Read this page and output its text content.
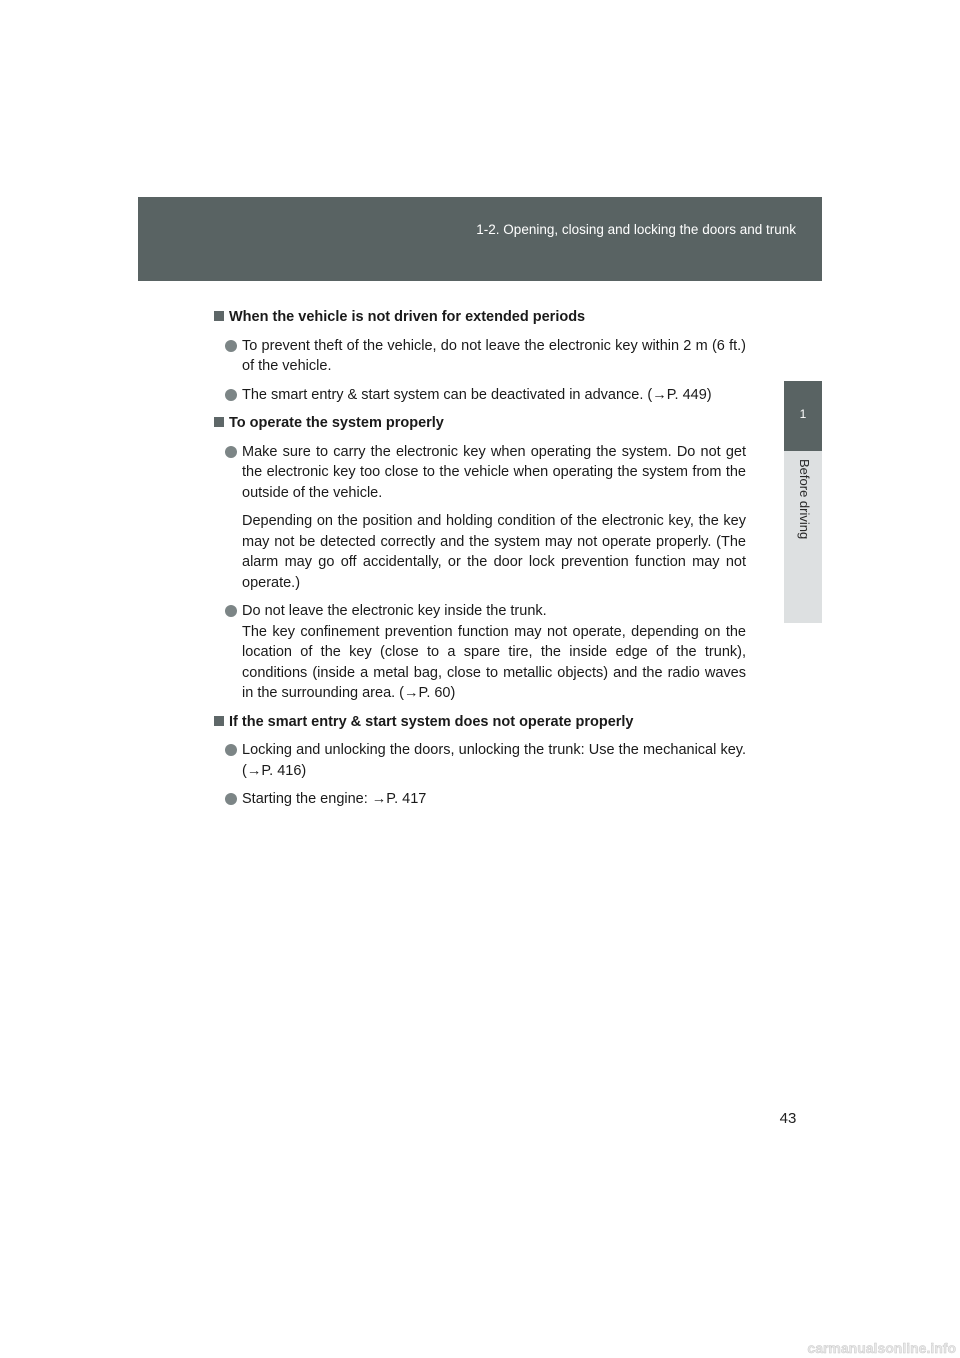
1-2. Opening, closing and locking the doors and trunk
1
Before driving
When the vehicle is not driven for extended periods
To prevent theft of the vehicle, do not leave the electronic key within 2 m (6 ft.) of the vehicle.
The smart entry & start system can be deactivated in advance. (→P. 449)
To operate the system properly
Make sure to carry the electronic key when operating the system. Do not get the electronic key too close to the vehicle when operating the system from the outside of the vehicle.
Depending on the position and holding condition of the electronic key, the key may not be detected correctly and the system may not operate properly. (The alarm may go off accidentally, or the door lock prevention function may not operate.)
Do not leave the electronic key inside the trunk.
The key confinement prevention function may not operate, depending on the location of the key (close to a spare tire, the inside edge of the trunk), conditions (inside a metal bag, close to metallic objects) and the radio waves in the surrounding area. (→P. 60)
If the smart entry & start system does not operate properly
Locking and unlocking the doors, unlocking the trunk: Use the mechanical key. (→P. 416)
Starting the engine: →P. 417
43
carmanualsonline.info
